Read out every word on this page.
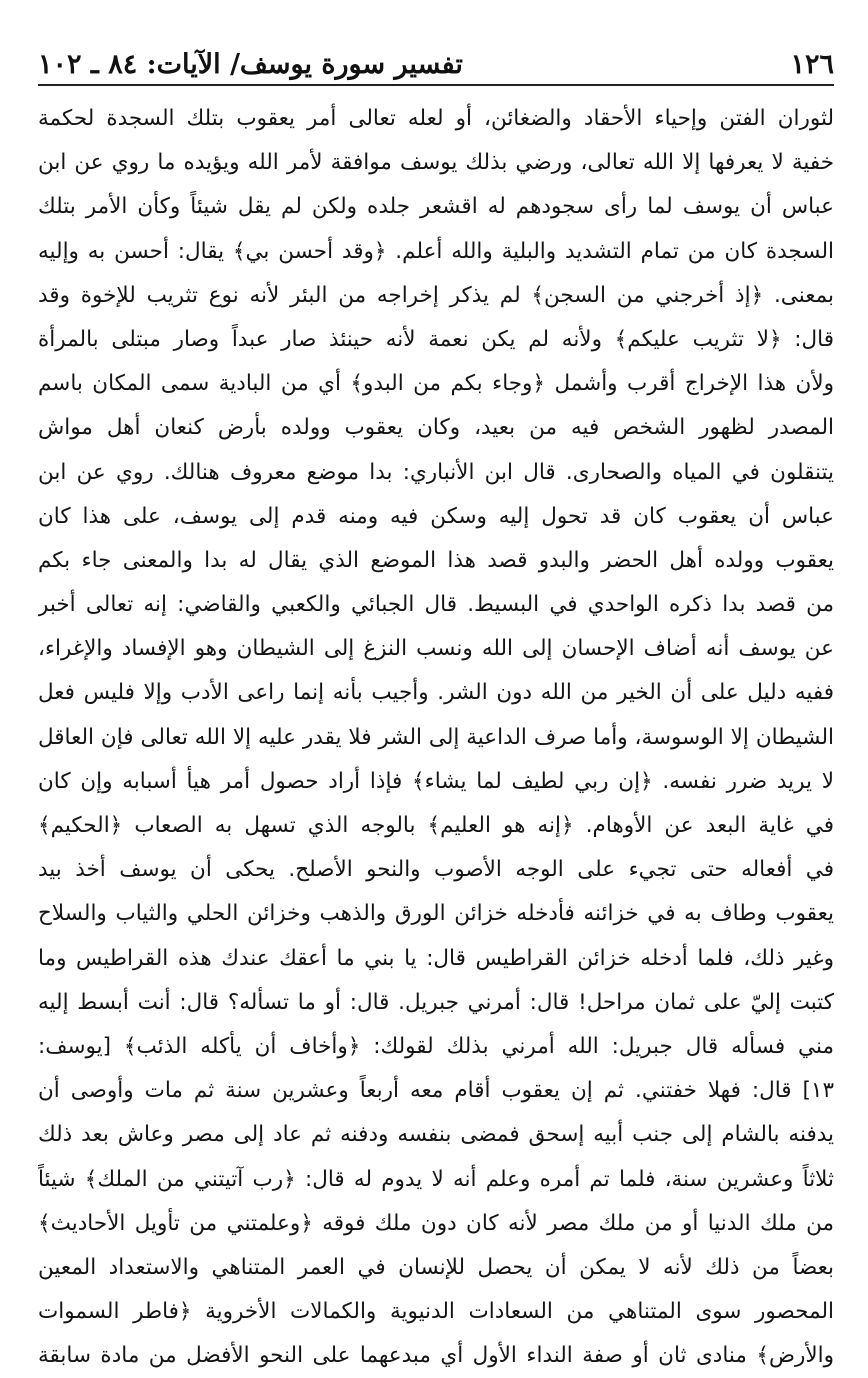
١٢٦
تفسير سورة يوسف/ الآيات: ٨٤ ـ ١٠٢
لثوران الفتن وإحياء الأحقاد والضغائن، أو لعله تعالى أمر يعقوب بتلك السجدة لحكمة
خفية لا يعرفها إلا الله تعالى، ورضي بذلك يوسف موافقة لأمر الله ويؤيده ما روي عن ابن
عباس أن يوسف لما رأى سجودهم له اقشعر جلده ولكن لم يقل شيئاً وكأن الأمر بتلك
السجدة كان من تمام التشديد والبلية والله أعلم. ﴿وقد أحسن بي﴾ يقال: أحسن به وإليه
بمعنى. ﴿إذ أخرجني من السجن﴾ لم يذكر إخراجه من البئر لأنه نوع تثريب للإخوة وقد
قال: ﴿لا تثريب عليكم﴾ ولأنه لم يكن نعمة لأنه حينئذ صار عبداً وصار مبتلى بالمرأة
ولأن هذا الإخراج أقرب وأشمل ﴿وجاء بكم من البدو﴾ أي من البادية سمى المكان باسم
المصدر لظهور الشخص فيه من بعيد، وكان يعقوب وولده بأرض كنعان أهل مواش
يتنقلون في المياه والصحارى. قال ابن الأنباري: بدا موضع معروف هنالك. روي عن ابن
عباس أن يعقوب كان قد تحول إليه وسكن فيه ومنه قدم إلى يوسف، على هذا كان
يعقوب وولده أهل الحضر والبدو قصد هذا الموضع الذي يقال له بدا والمعنى جاء بكم
من قصد بدا ذكره الواحدي في البسيط. قال الجبائي والكعبي والقاضي: إنه تعالى أخبر
عن يوسف أنه أضاف الإحسان إلى الله ونسب النزغ إلى الشيطان وهو الإفساد والإغراء،
ففيه دليل على أن الخير من الله دون الشر. وأجيب بأنه إنما راعى الأدب وإلا فليس فعل
الشيطان إلا الوسوسة، وأما صرف الداعية إلى الشر فلا يقدر عليه إلا الله تعالى فإن العاقل
لا يريد ضرر نفسه. ﴿إن ربي لطيف لما يشاء﴾ فإذا أراد حصول أمر هيأ أسبابه وإن كان
في غاية البعد عن الأوهام. ﴿إنه هو العليم﴾ بالوجه الذي تسهل به الصعاب ﴿الحكيم﴾
في أفعاله حتى تجيء على الوجه الأصوب والنحو الأصلح. يحكى أن يوسف أخذ بيد
يعقوب وطاف به في خزائنه فأدخله خزائن الورق والذهب وخزائن الحلي والثياب والسلاح
وغير ذلك، فلما أدخله خزائن القراطيس قال: يا بني ما أعقك عندك هذه القراطيس وما
كتبت إليّ على ثمان مراحل! قال: أمرني جبريل. قال: أو ما تسأله؟ قال: أنت أبسط إليه
مني فسأله قال جبريل: الله أمرني بذلك لقولك: ﴿وأخاف أن يأكله الذئب﴾ [يوسف:
١٣] قال: فهلا خفتني. ثم إن يعقوب أقام معه أربعاً وعشرين سنة ثم مات وأوصى أن
يدفنه بالشام إلى جنب أبيه إسحق فمضى بنفسه ودفنه ثم عاد إلى مصر وعاش بعد ذلك
ثلاثاً وعشرين سنة، فلما تم أمره وعلم أنه لا يدوم له قال: ﴿رب آتيتني من الملك﴾ شيئاً
من ملك الدنيا أو من ملك مصر لأنه كان دون ملك فوقه ﴿وعلمتني من تأويل الأحاديث﴾
بعضاً من ذلك لأنه لا يمكن أن يحصل للإنسان في العمر المتناهي والاستعداد المعين
المحصور سوى المتناهي من السعادات الدنيوية والكمالات الأخروية ﴿فاطر السموات
والأرض﴾ منادى ثان أو صفة النداء الأول أي مبدعهما على النحو الأفضل من مادة سابقة
